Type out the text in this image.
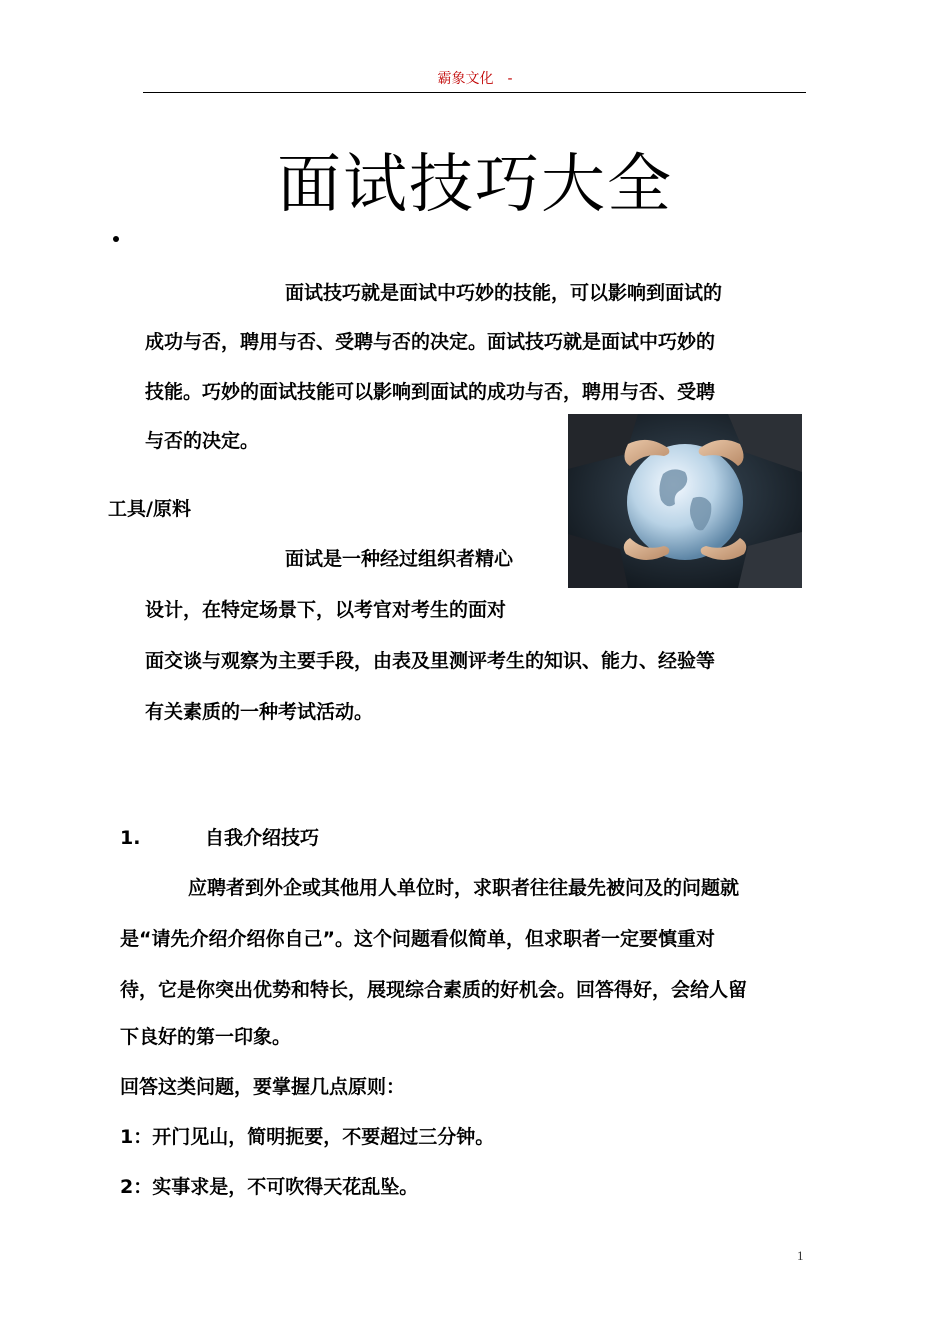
霸象文化　-
面试技巧大全
面试技巧就是面试中巧妙的技能，可以影响到面试的
成功与否，聘用与否、受聘与否的决定。面试技巧就是面试中巧妙的
技能。巧妙的面试技能可以影响到面试的成功与否，聘用与否、受聘
与否的决定。
工具/原料
面试是一种经过组织者精心
设计，在特定场景下，以考官对考生的面对
面交谈与观察为主要手段，由表及里测评考生的知识、能力、经验等
有关素质的一种考试活动。
1.	自我介绍技巧
应聘者到外企或其他用人单位时，求职者往往最先被问及的问题就
是“请先介绍介绍你自己”。这个问题看似简单，但求职者一定要慎重对
待，它是你突出优势和特长，展现综合素质的好机会。回答得好，会给人留
下良好的第一印象。
回答这类问题，要掌握几点原则：
1：开门见山，简明扼要，不要超过三分钟。
2：实事求是，不可吹得天花乱坠。
1
